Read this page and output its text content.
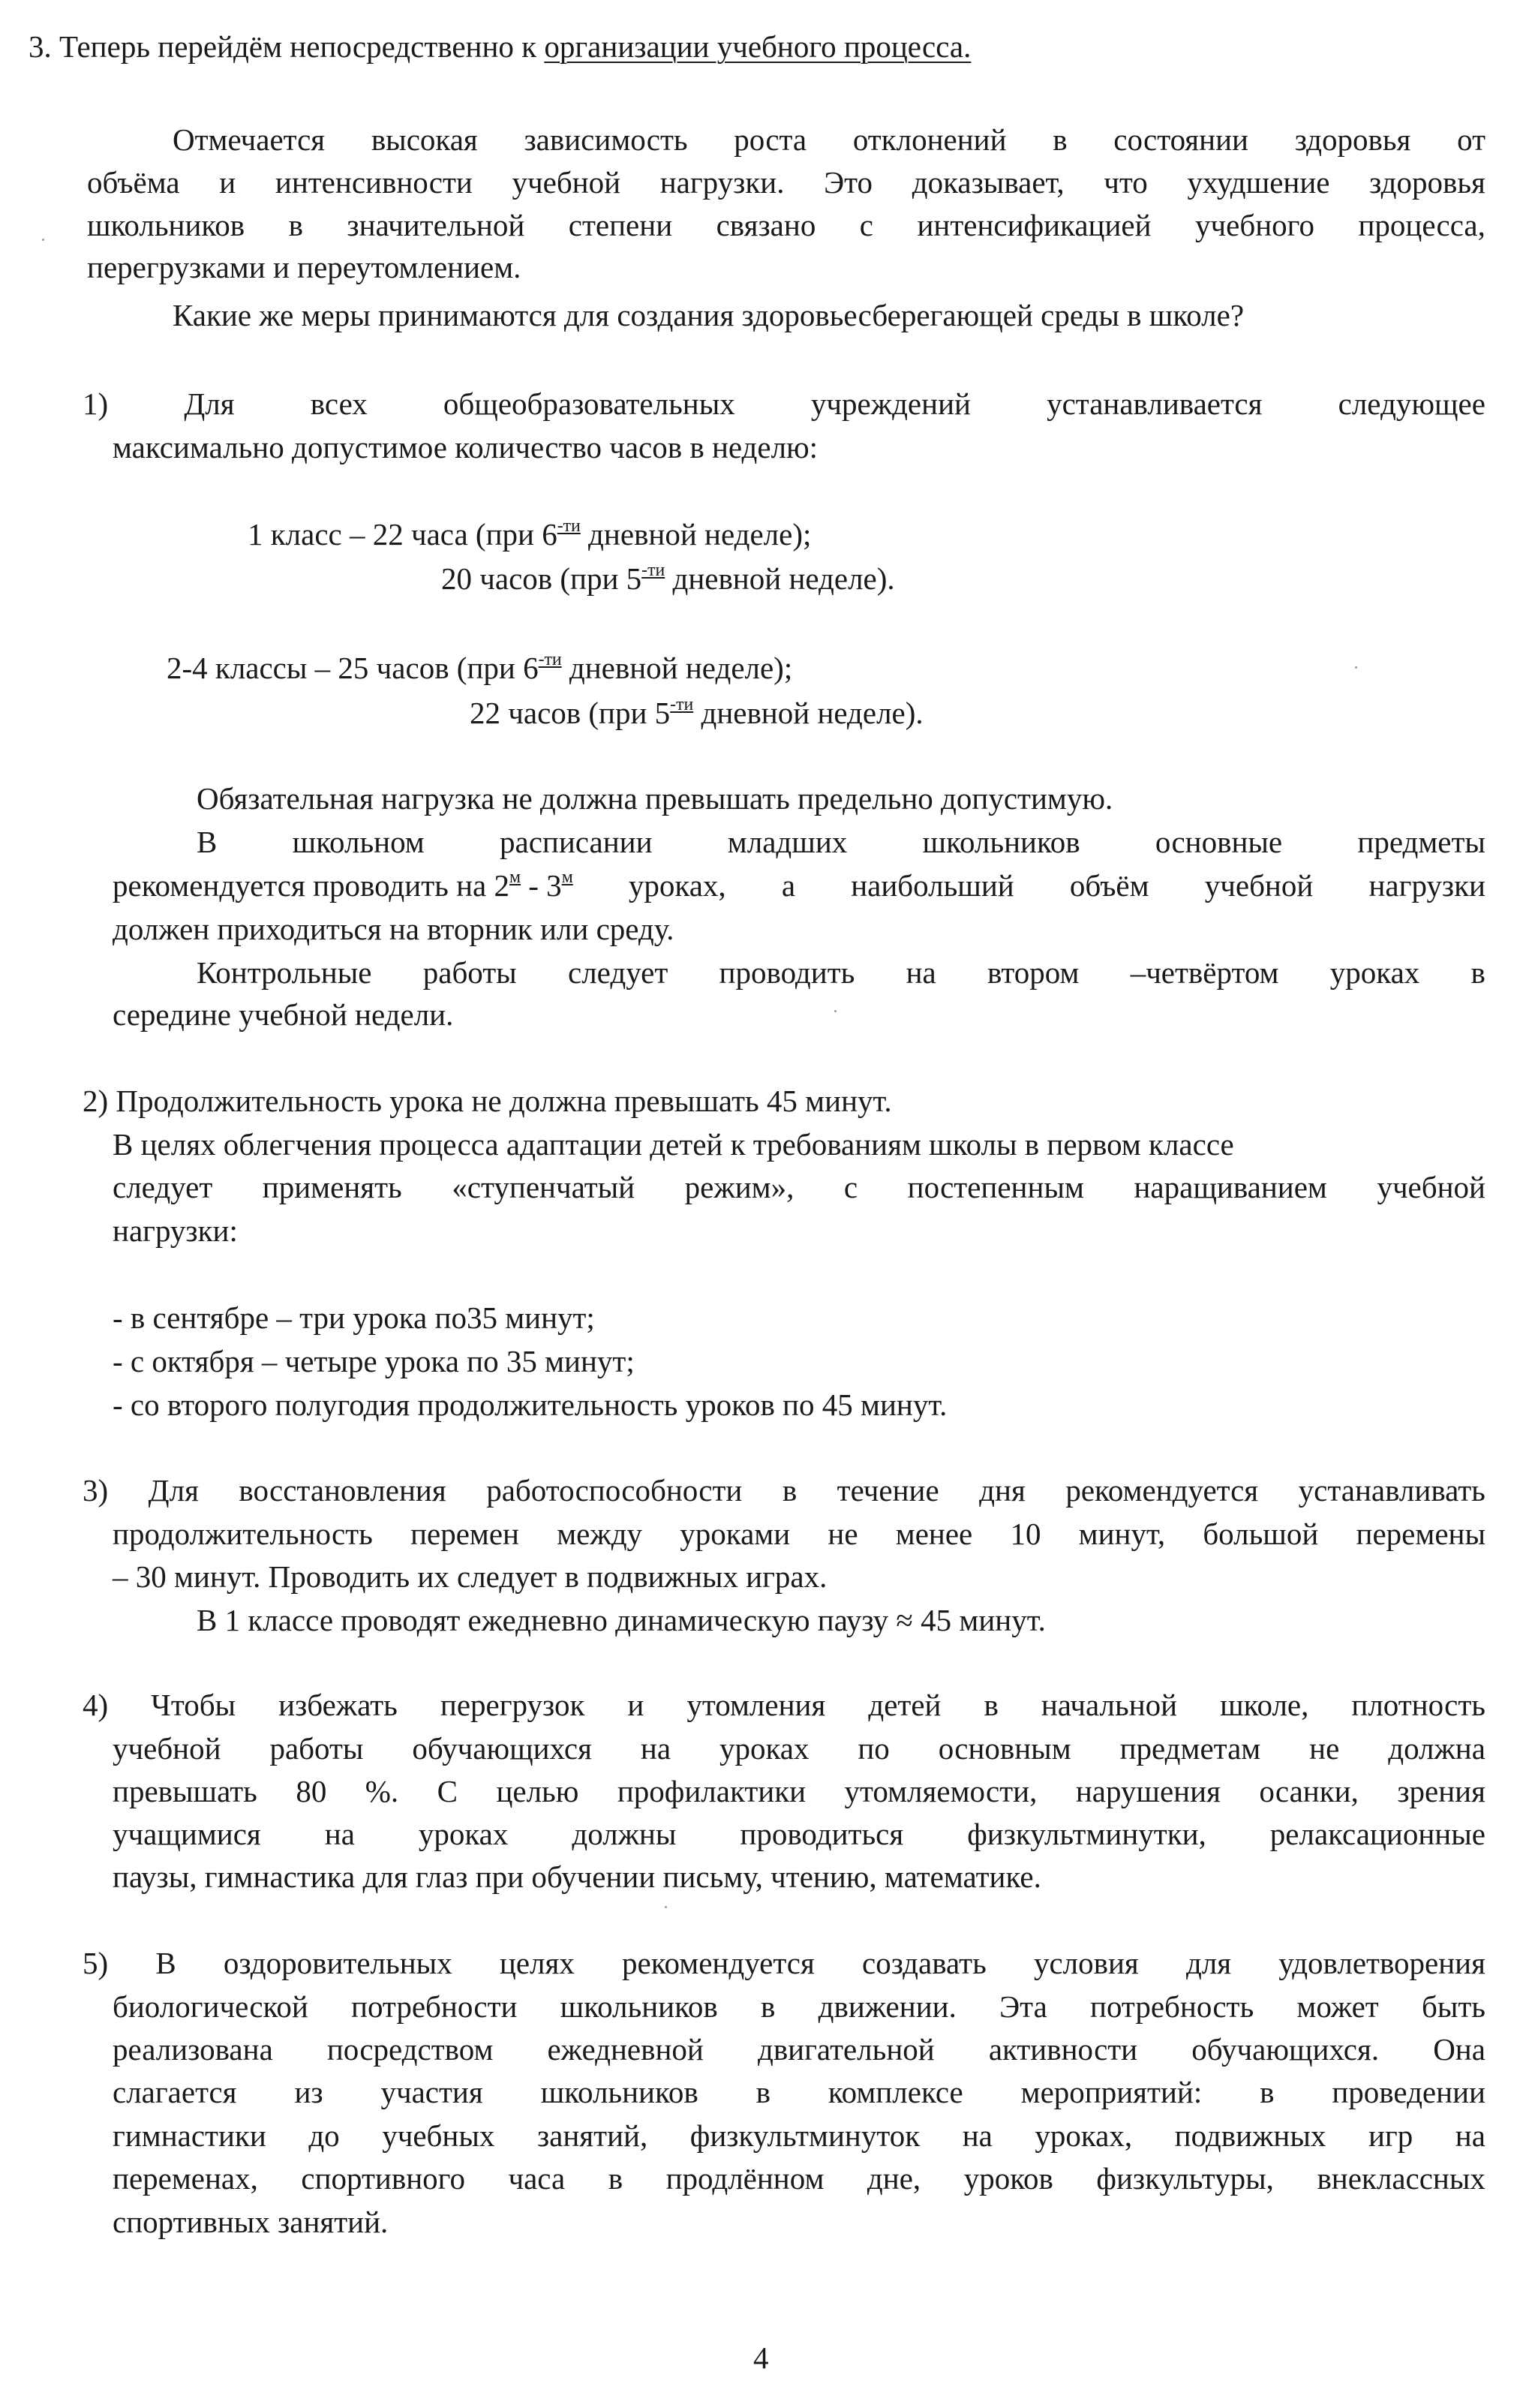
3. Теперь перейдём непосредственно к организации учебного процесса.
Отмечается высокая зависимость роста отклонений в состоянии здоровья от
объёма и интенсивности учебной нагрузки. Это доказывает, что ухудшение здоровья
школьников в значительной степени связано с интенсификацией учебного процесса,
перегрузками и переутомлением.
Какие же меры принимаются для создания здоровьесберегающей среды в школе?
1) Для всех общеобразовательных учреждений устанавливается следующее
максимально допустимое количество часов в неделю:
1 класс – 22 часа (при $6^{-ти}$ дневной неделе);
20 часов (при $5^{-ти}$ дневной неделе).
2-4 классы – 25 часов (при $6^{-ти}$ дневной неделе);
22 часов (при $5^{-ти}$ дневной неделе).
Обязательная нагрузка не должна превышать предельно допустимую.
В школьном расписании младших школьников основные предметы
рекомендуется проводить на $2^м - 3^м$ уроках, а наибольший объём учебной нагрузки
должен приходиться на вторник или среду.
Контрольные работы следует проводить на втором –четвёртом уроках в
середине учебной недели.
2) Продолжительность урока не должна превышать 45 минут.
В целях облегчения процесса адаптации детей к требованиям школы в первом классе
следует применять «ступенчатый режим», с постепенным наращиванием учебной
нагрузки:
- в сентябре – три урока по35 минут;
- с октября – четыре урока по 35 минут;
- со второго полугодия продолжительность уроков по 45 минут.
3) Для восстановления работоспособности в течение дня рекомендуется устанавливать
продолжительность перемен между уроками не менее 10 минут, большой перемены
– 30 минут. Проводить их следует в подвижных играх.
В 1 классе проводят ежедневно динамическую паузу ≈ 45 минут.
4) Чтобы избежать перегрузок и утомления детей в начальной школе, плотность
учебной работы обучающихся на уроках по основным предметам не должна
превышать 80 %. С целью профилактики утомляемости, нарушения осанки, зрения
учащимися на уроках должны проводиться физкультминутки, релаксационные
паузы, гимнастика для глаз при обучении письму, чтению, математике.
5) В оздоровительных целях рекомендуется создавать условия для удовлетворения
биологической потребности школьников в движении. Эта потребность может быть
реализована посредством ежедневной двигательной активности обучающихся. Она
слагается из участия школьников в комплексе мероприятий: в проведении
гимнастики до учебных занятий, физкультминуток на уроках, подвижных игр на
переменах, спортивного часа в продлённом дне, уроков физкультуры, внеклассных
спортивных занятий.
4
